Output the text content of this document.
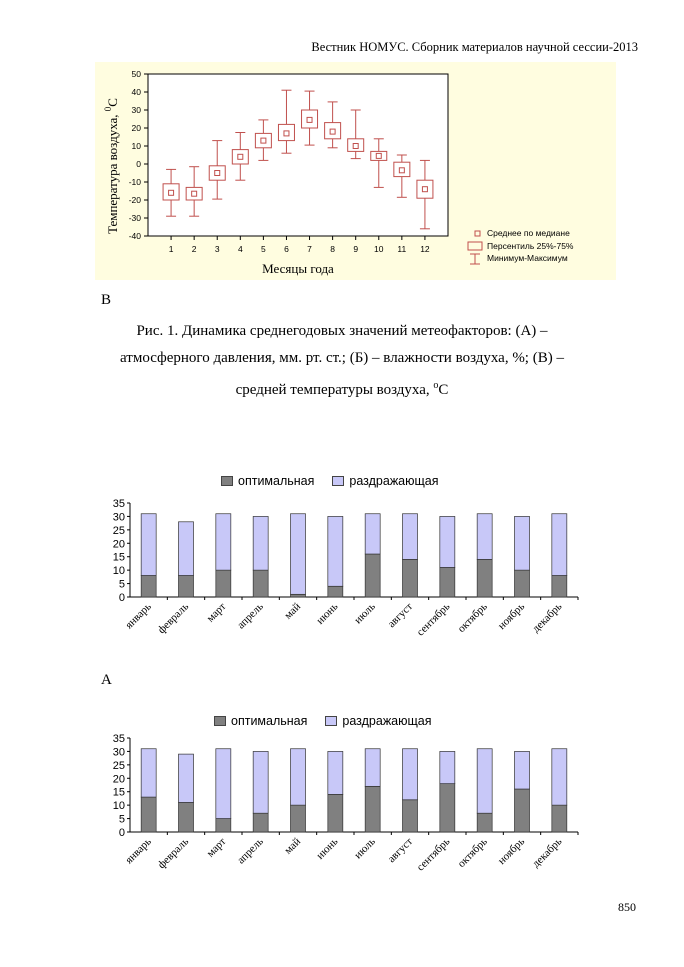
Вестник НОМУС. Сборник материалов научной сессии-2013
-40
-30
-20
-10
0
10
20
30
40
50
1 2 3 4 5 6 7 8 9 10 11 12
Температура воздуха, $^0$С
Месяцы года
Среднее по медиане
Персентиль 25%-75%
Минимум-Максимум
В
Рис. 1. Динамика среднегодовых значений метеофакторов: (А) –
атмосферного давления, мм. рт. ст.; (Б) – влажности воздуха, %; (В) –
средней температуры воздуха, $^o$С
оптимальная	раздражающая
0
5
10
15
20
25
30
35
январь февраль март апрель май июнь июль август сентябрь октябрь ноябрь декабрь
А
оптимальная	раздражающая
0
5
10
15
20
25
30
35
январь февраль март апрель май июнь июль август сентябрь октябрь ноябрь декабрь
850
